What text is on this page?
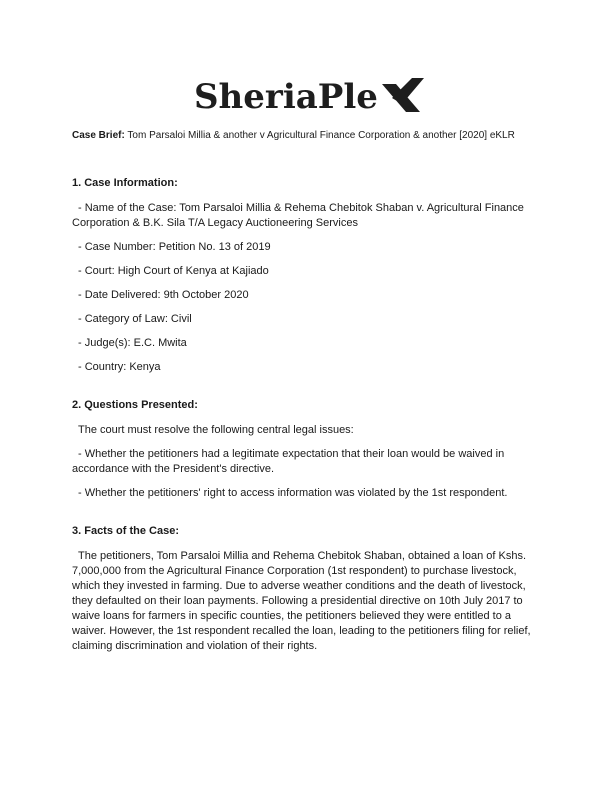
SheriaPle
Case Brief: Tom Parsaloi Millia & another v Agricultural Finance Corporation & another [2020] eKLR
1. Case Information:
- Name of the Case: Tom Parsaloi Millia & Rehema Chebitok Shaban v. Agricultural Finance Corporation & B.K. Sila T/A Legacy Auctioneering Services
- Case Number: Petition No. 13 of 2019
- Court: High Court of Kenya at Kajiado
- Date Delivered: 9th October 2020
- Category of Law: Civil
- Judge(s): E.C. Mwita
- Country: Kenya
2. Questions Presented:
The court must resolve the following central legal issues:
- Whether the petitioners had a legitimate expectation that their loan would be waived in accordance with the President's directive.
- Whether the petitioners' right to access information was violated by the 1st respondent.
3. Facts of the Case:

The petitioners, Tom Parsaloi Millia and Rehema Chebitok Shaban, obtained a loan of Kshs. 7,000,000 from the Agricultural Finance Corporation (1st respondent) to purchase livestock, which they invested in farming. Due to adverse weather conditions and the death of livestock, they defaulted on their loan payments. Following a presidential directive on 10th July 2017 to waive loans for farmers in specific counties, the petitioners believed they were entitled to a waiver. However, the 1st respondent recalled the loan, leading to the petitioners filing for relief, claiming discrimination and violation of their rights.
